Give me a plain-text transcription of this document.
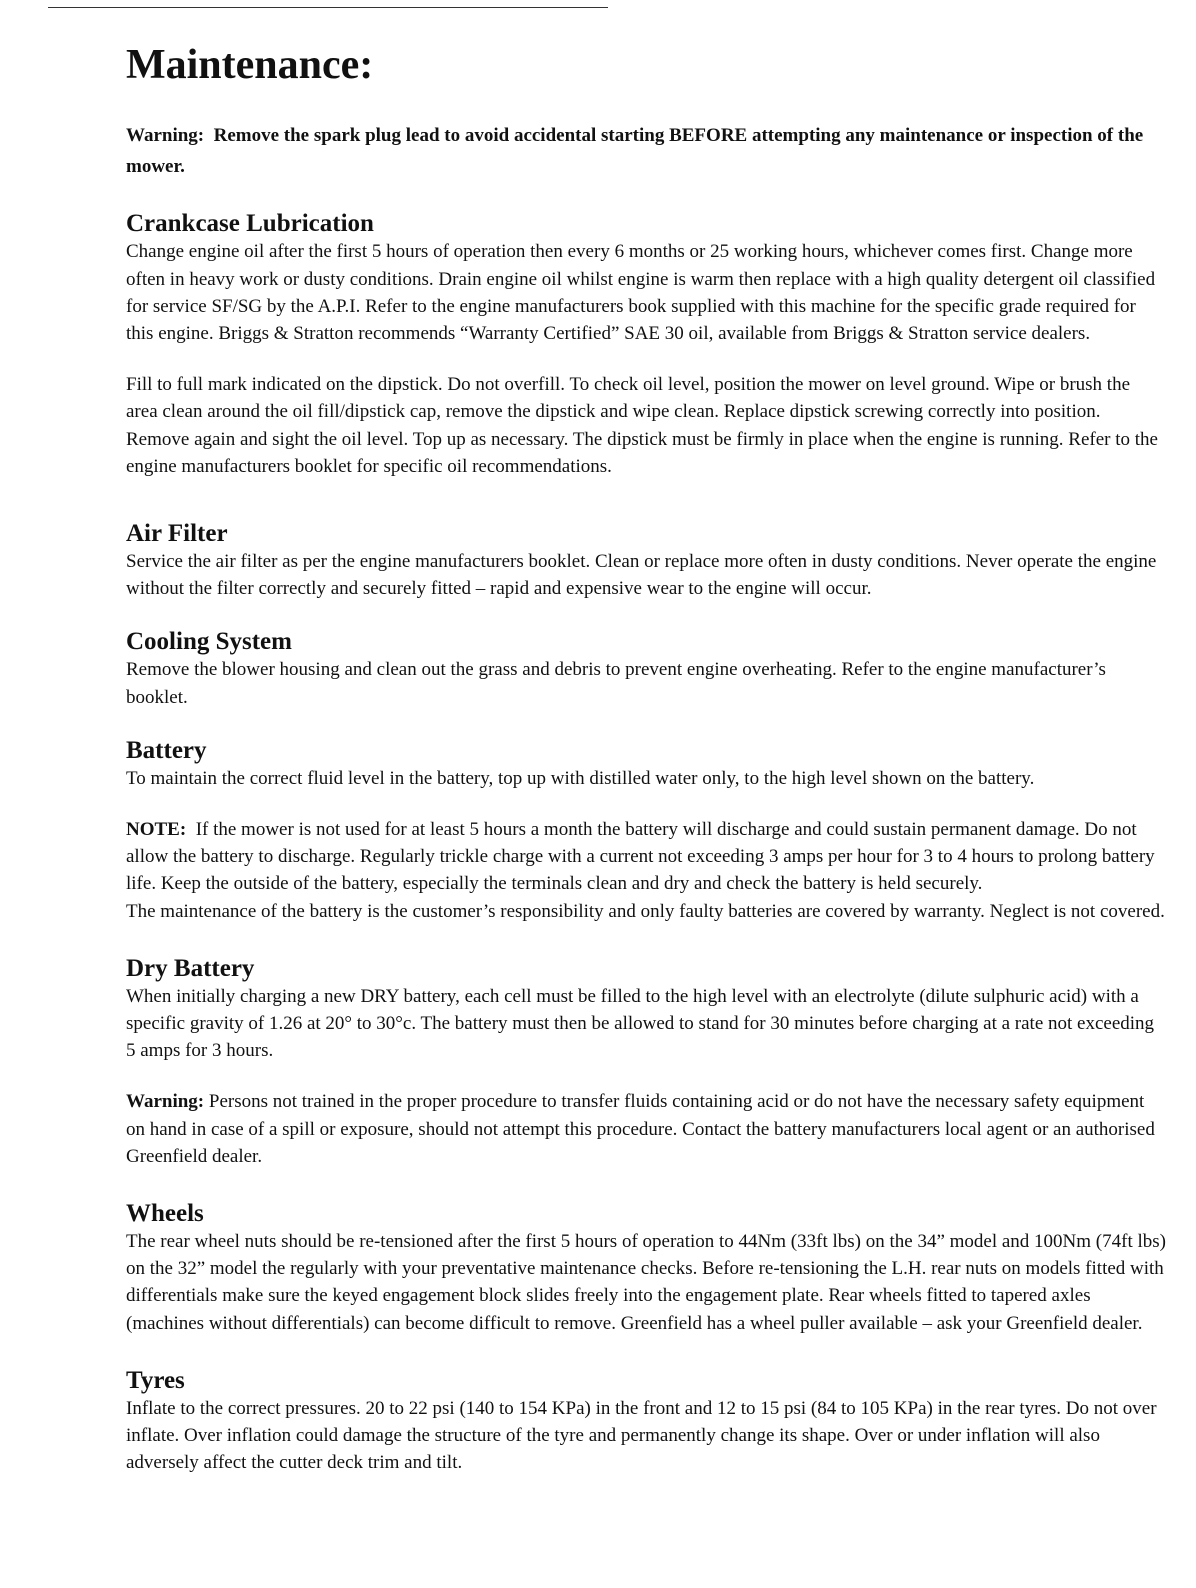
Maintenance:

Warning: Remove the spark plug lead to avoid accidental starting BEFORE attempting any maintenance or inspection of the mower.

Crankcase Lubrication

Change engine oil after the first 5 hours of operation then every 6 months or 25 working hours, whichever comes first. Change more often in heavy work or dusty conditions. Drain engine oil whilst engine is warm then replace with a high quality detergent oil classified for service SF/SG by the A.P.I. Refer to the engine manufacturers book supplied with this machine for the specific grade required for this engine. Briggs & Stratton recommends “Warranty Certified” SAE 30 oil, available from Briggs & Stratton service dealers.

Fill to full mark indicated on the dipstick. Do not overfill. To check oil level, position the mower on level ground. Wipe or brush the area clean around the oil fill/dipstick cap, remove the dipstick and wipe clean. Replace dipstick screwing correctly into position. Remove again and sight the oil level. Top up as necessary. The dipstick must be firmly in place when the engine is running. Refer to the engine manufacturers booklet for specific oil recommendations.

Air Filter

Service the air filter as per the engine manufacturers booklet. Clean or replace more often in dusty conditions. Never operate the engine without the filter correctly and securely fitted – rapid and expensive wear to the engine will occur.

Cooling System

Remove the blower housing and clean out the grass and debris to prevent engine overheating. Refer to the engine manufacturer’s booklet.

Battery

To maintain the correct fluid level in the battery, top up with distilled water only, to the high level shown on the battery.

NOTE: If the mower is not used for at least 5 hours a month the battery will discharge and could sustain permanent damage. Do not allow the battery to discharge. Regularly trickle charge with a current not exceeding 3 amps per hour for 3 to 4 hours to prolong battery life. Keep the outside of the battery, especially the terminals clean and dry and check the battery is held securely.

The maintenance of the battery is the customer’s responsibility and only faulty batteries are covered by warranty. Neglect is not covered.

Dry Battery

When initially charging a new DRY battery, each cell must be filled to the high level with an electrolyte (dilute sulphuric acid) with a specific gravity of 1.26 at 20° to 30°c. The battery must then be allowed to stand for 30 minutes before charging at a rate not exceeding 5 amps for 3 hours.

Warning: Persons not trained in the proper procedure to transfer fluids containing acid or do not have the necessary safety equipment on hand in case of a spill or exposure, should not attempt this procedure. Contact the battery manufacturers local agent or an authorised Greenfield dealer.

Wheels

The rear wheel nuts should be re-tensioned after the first 5 hours of operation to 44Nm (33ft lbs) on the 34” model and 100Nm (74ft lbs) on the 32” model the regularly with your preventative maintenance checks. Before re-tensioning the L.H. rear nuts on models fitted with differentials make sure the keyed engagement block slides freely into the engagement plate. Rear wheels fitted to tapered axles (machines without differentials) can become difficult to remove. Greenfield has a wheel puller available – ask your Greenfield dealer.

Tyres

Inflate to the correct pressures. 20 to 22 psi (140 to 154 KPa) in the front and 12 to 15 psi (84 to 105 KPa) in the rear tyres. Do not over inflate. Over inflation could damage the structure of the tyre and permanently change its shape. Over or under inflation will also adversely affect the cutter deck trim and tilt.
